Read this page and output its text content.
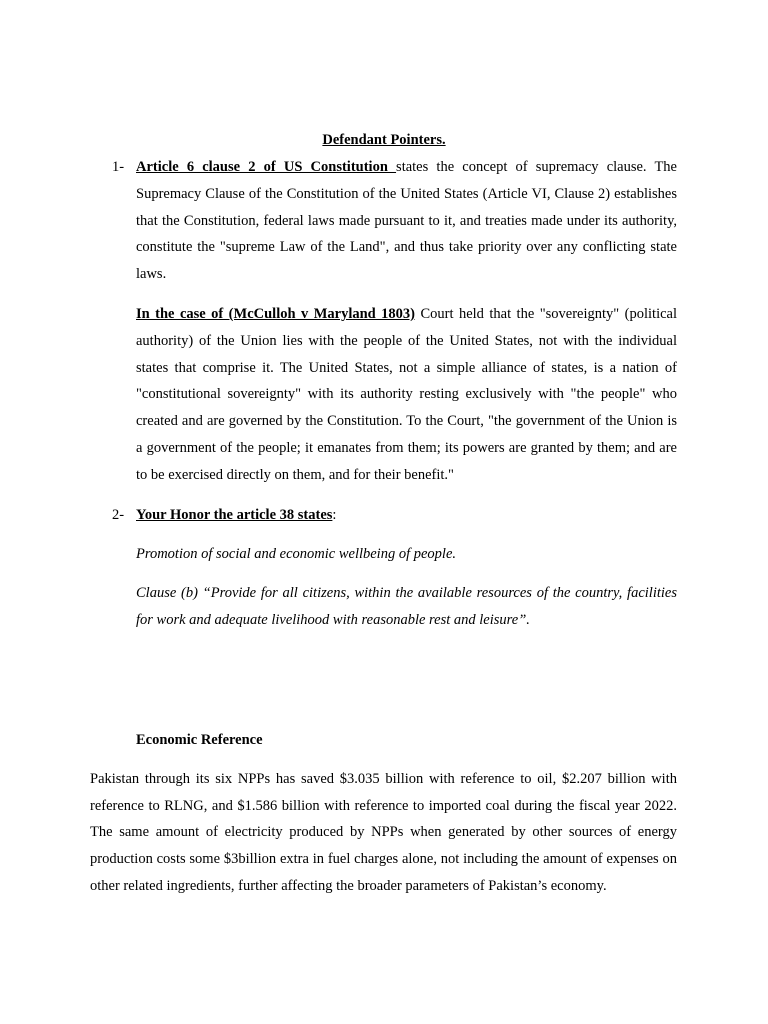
Defendant Pointers.
1- Article 6 clause 2 of US Constitution states the concept of supremacy clause. The Supremacy Clause of the Constitution of the United States (Article VI, Clause 2) establishes that the Constitution, federal laws made pursuant to it, and treaties made under its authority, constitute the "supreme Law of the Land", and thus take priority over any conflicting state laws.

In the case of (McCulloh v Maryland 1803) Court held that the "sovereignty" (political authority) of the Union lies with the people of the United States, not with the individual states that comprise it. The United States, not a simple alliance of states, is a nation of "constitutional sovereignty" with its authority resting exclusively with "the people" who created and are governed by the Constitution. To the Court, "the government of the Union is a government of the people; it emanates from them; its powers are granted by them; and are to be exercised directly on them, and for their benefit."

2- Your Honor the article 38 states:

Promotion of social and economic wellbeing of people.

Clause (b) “Provide for all citizens, within the available resources of the country, facilities for work and adequate livelihood with reasonable rest and leisure”.

Economic Reference

Pakistan through its six NPPs has saved $3.035 billion with reference to oil, $2.207 billion with reference to RLNG, and $1.586 billion with reference to imported coal during the fiscal year 2022. The same amount of electricity produced by NPPs when generated by other sources of energy production costs some $3billion extra in fuel charges alone, not including the amount of expenses on other related ingredients, further affecting the broader parameters of Pakistan’s economy.
